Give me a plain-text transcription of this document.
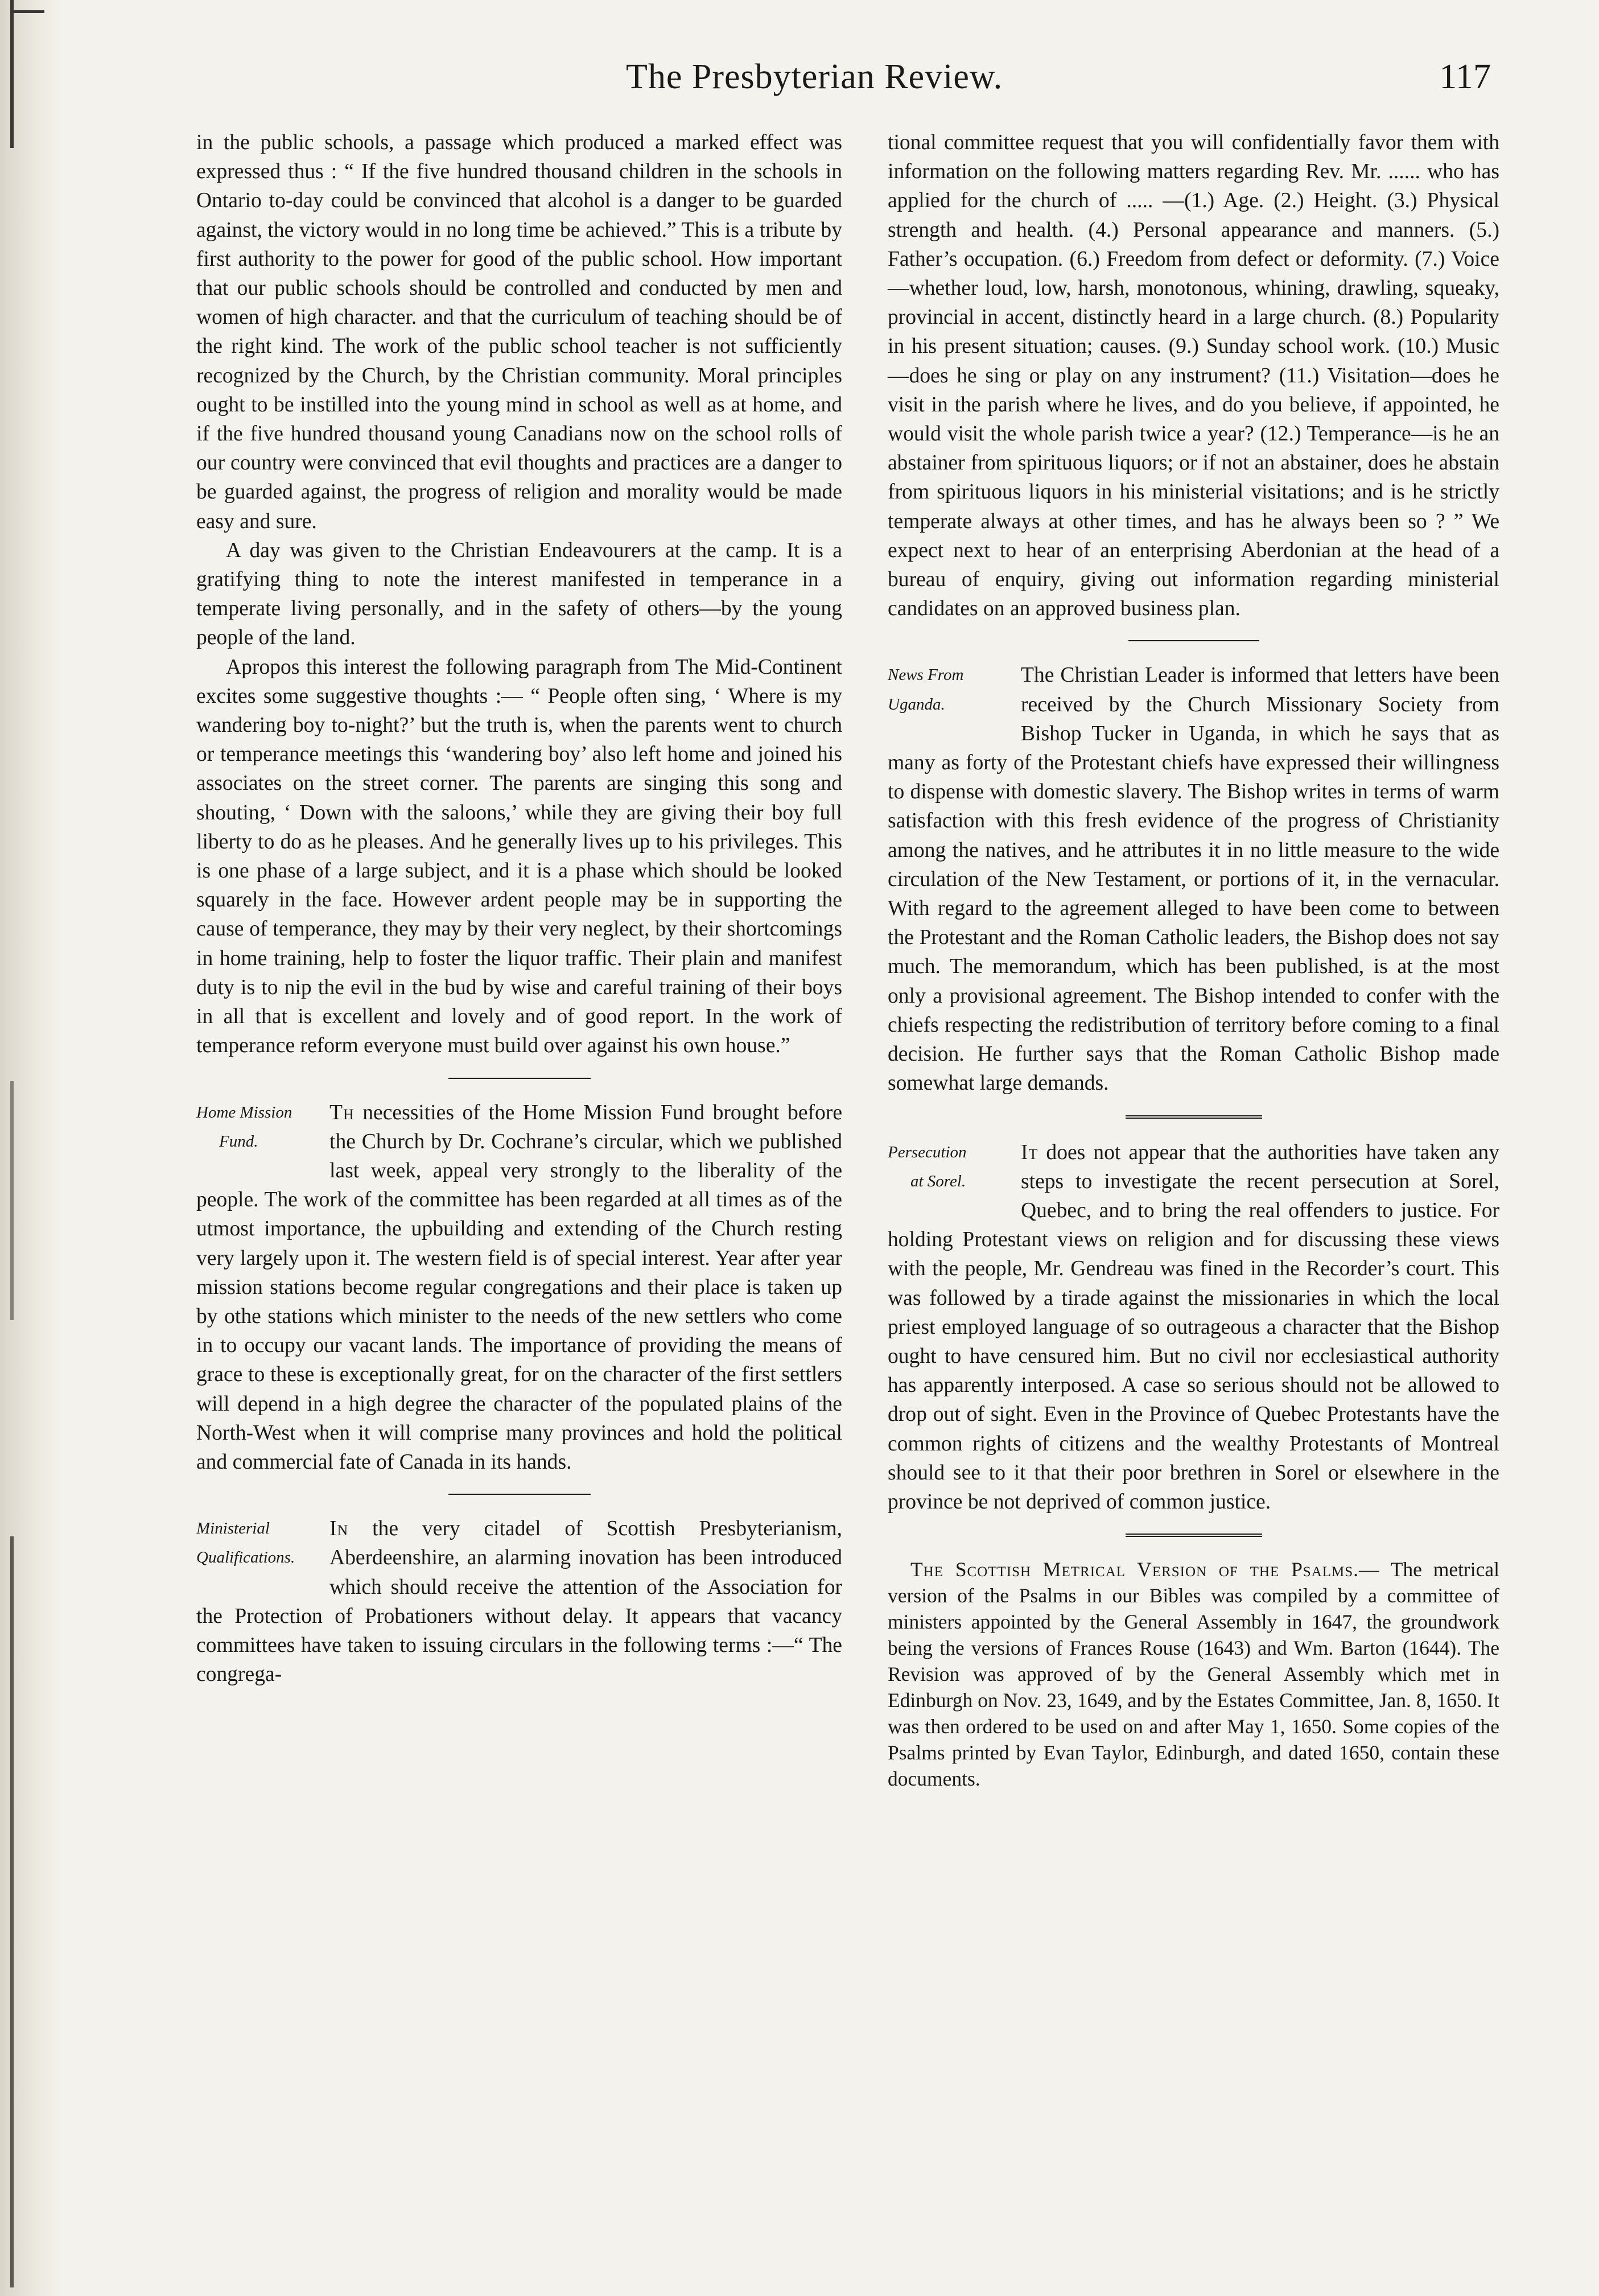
The Presbyterian Review.	117

in the public schools, a passage which produced a marked effect was expressed thus : “ If the five hundred thousand children in the schools in Ontario to-day could be convinced that alcohol is a danger to be guarded against, the victory would in no long time be achieved.” This is a tribute by first authority to the power for good of the public school. How important that our public schools should be controlled and conducted by men and women of high character. and that the curriculum of teaching should be of the right kind. The work of the public school teacher is not sufficiently recognized by the Church, by the Christian community. Moral principles ought to be instilled into the young mind in school as well as at home, and if the five hundred thousand young Canadians now on the school rolls of our country were convinced that evil thoughts and practices are a danger to be guarded against, the progress of religion and morality would be made easy and sure.

A day was given to the Christian Endeavourers at the camp. It is a gratifying thing to note the interest manifested in temperance in a temperate living personally, and in the safety of others—by the young people of the land.

Apropos this interest the following paragraph from The Mid-Continent excites some suggestive thoughts :— “ People often sing, ‘ Where is my wandering boy to-night?’ but the truth is, when the parents went to church or temperance meetings this ‘wandering boy’ also left home and joined his associates on the street corner. The parents are singing this song and shouting, ‘ Down with the saloons,’ while they are giving their boy full liberty to do as he pleases. And he generally lives up to his privileges. This is one phase of a large subject, and it is a phase which should be looked squarely in the face. However ardent people may be in supporting the cause of temperance, they may by their very neglect, by their shortcomings in home training, help to foster the liquor traffic. Their plain and manifest duty is to nip the evil in the bud by wise and careful training of their boys in all that is excellent and lovely and of good report. In the work of temperance reform everyone must build over against his own house.”

Home Mission
Fund.
Th necessities of the Home Mission Fund brought before the Church by Dr. Cochrane’s circular, which we published last week, appeal very strongly to the liberality of the people. The work of the committee has been regarded at all times as of the utmost importance, the upbuilding and extending of the Church resting very largely upon it. The western field is of special interest. Year after year mission stations become regular congregations and their place is taken up by othe stations which minister to the needs of the new settlers who come in to occupy our vacant lands. The importance of providing the means of grace to these is exceptionally great, for on the character of the first settlers will depend in a high degree the character of the populated plains of the North-West when it will comprise many provinces and hold the political and commercial fate of Canada in its hands.

Ministerial
Qualifications.
In the very citadel of Scottish Presbyterianism, Aberdeenshire, an alarming inovation has been introduced which should receive the attention of the Association for the Protection of Probationers without delay. It appears that vacancy committees have taken to issuing circulars in the following terms :—“ The congrega-

tional committee request that you will confidentially favor them with information on the following matters regarding Rev. Mr. ...... who has applied for the church of ..... —(1.) Age. (2.) Height. (3.) Physical strength and health. (4.) Personal appearance and manners. (5.) Father’s occupation. (6.) Freedom from defect or deformity. (7.) Voice—whether loud, low, harsh, monotonous, whining, drawling, squeaky, provincial in accent, distinctly heard in a large church. (8.) Popularity in his present situation; causes. (9.) Sunday school work. (10.) Music—does he sing or play on any instrument? (11.) Visitation—does he visit in the parish where he lives, and do you believe, if appointed, he would visit the whole parish twice a year? (12.) Temperance—is he an abstainer from spirituous liquors; or if not an abstainer, does he abstain from spirituous liquors in his ministerial visitations; and is he strictly temperate always at other times, and has he always been so ? ” We expect next to hear of an enterprising Aberdonian at the head of a bureau of enquiry, giving out information regarding ministerial candidates on an approved business plan.

News From
Uganda.
The Christian Leader is informed that letters have been received by the Church Missionary Society from Bishop Tucker in Uganda, in which he says that as many as forty of the Protestant chiefs have expressed their willingness to dispense with domestic slavery. The Bishop writes in terms of warm satisfaction with this fresh evidence of the progress of Christianity among the natives, and he attributes it in no little measure to the wide circulation of the New Testament, or portions of it, in the vernacular. With regard to the agreement alleged to have been come to between the Protestant and the Roman Catholic leaders, the Bishop does not say much. The memorandum, which has been published, is at the most only a provisional agreement. The Bishop intended to confer with the chiefs respecting the redistribution of territory before coming to a final decision. He further says that the Roman Catholic Bishop made somewhat large demands.

Persecution
at Sorel.
It does not appear that the authorities have taken any steps to investigate the recent persecution at Sorel, Quebec, and to bring the real offenders to justice. For holding Protestant views on religion and for discussing these views with the people, Mr. Gendreau was fined in the Recorder’s court. This was followed by a tirade against the missionaries in which the local priest employed language of so outrageous a character that the Bishop ought to have censured him. But no civil nor ecclesiastical authority has apparently interposed. A case so serious should not be allowed to drop out of sight. Even in the Province of Quebec Protestants have the common rights of citizens and the wealthy Protestants of Montreal should see to it that their poor brethren in Sorel or elsewhere in the province be not deprived of common justice.

The Scottish Metrical Version of the Psalms.— The metrical version of the Psalms in our Bibles was compiled by a committee of ministers appointed by the General Assembly in 1647, the groundwork being the versions of Frances Rouse (1643) and Wm. Barton (1644). The Revision was approved of by the General Assembly which met in Edinburgh on Nov. 23, 1649, and by the Estates Committee, Jan. 8, 1650. It was then ordered to be used on and after May 1, 1650. Some copies of the Psalms printed by Evan Taylor, Edinburgh, and dated 1650, contain these documents.
